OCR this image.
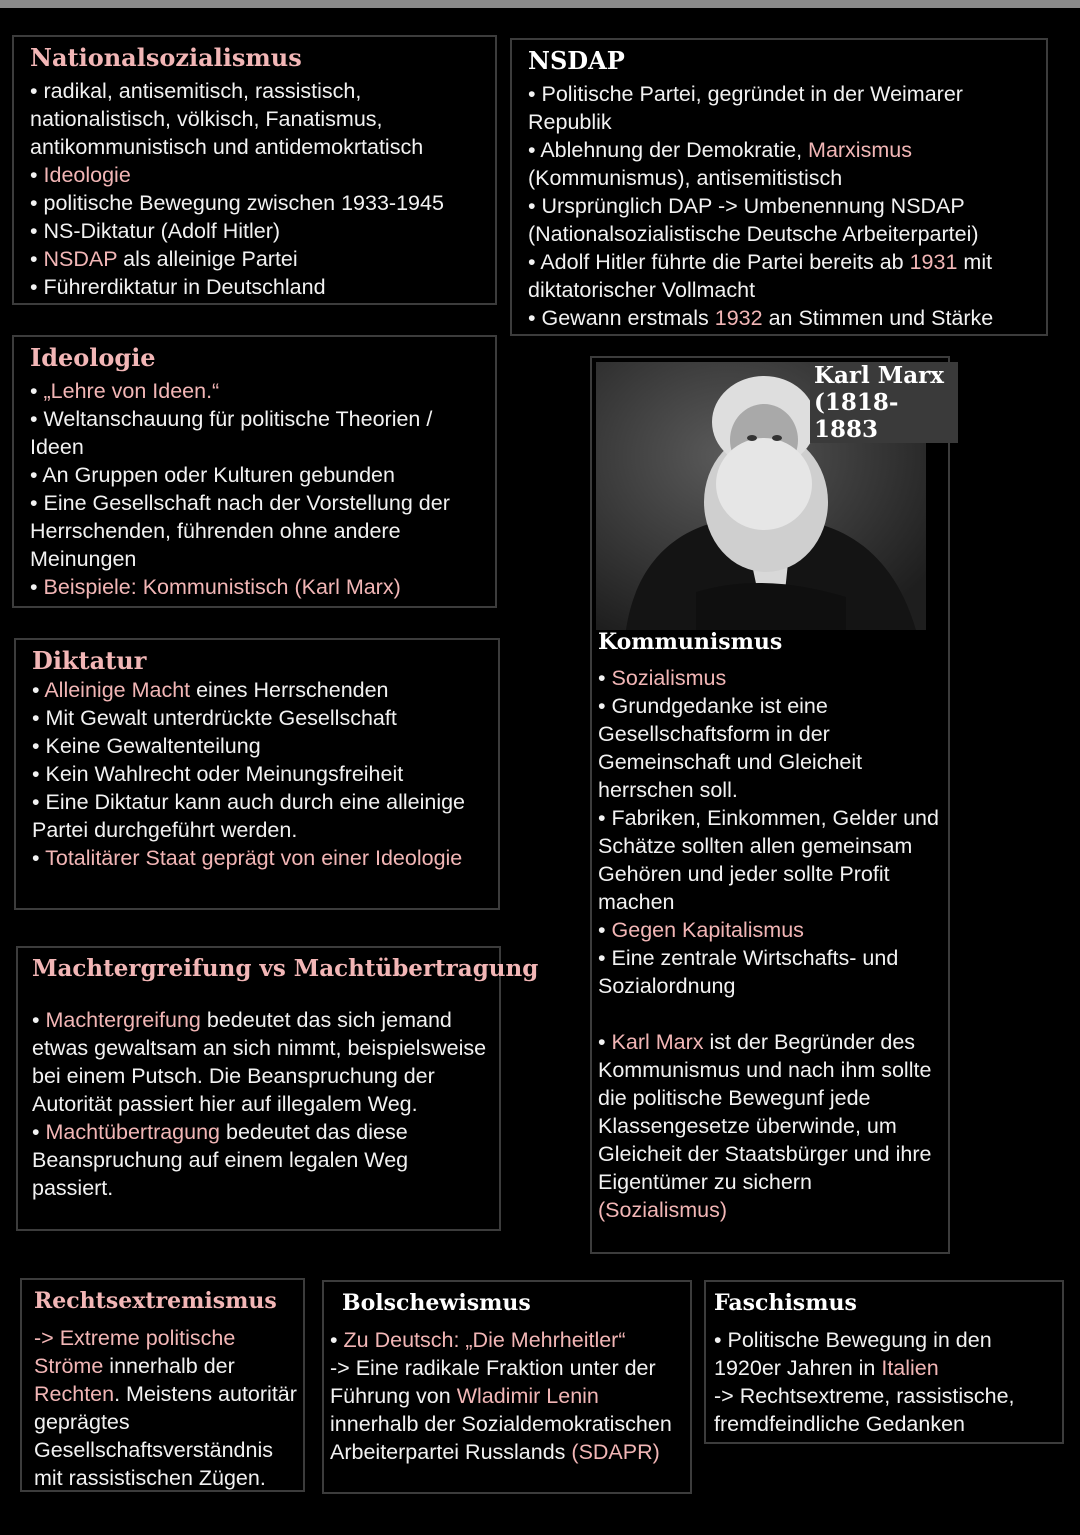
Nationalsozialismus
• radikal, antisemitisch, rassistisch, nationalistisch, völkisch, Fanatismus, antikommunistisch und antidemokrtatisch
• Ideologie
• politische Bewegung zwischen 1933-1945
• NS-Diktatur (Adolf Hitler)
• NSDAP als alleinige Partei
• Führerdiktatur in Deutschland
NSDAP
• Politische Partei, gegründet in der Weimarer Republik
• Ablehnung der Demokratie, Marxismus (Kommunismus), antisemitistisch
• Ursprünglich DAP -> Umbenennung NSDAP (Nationalsozialistische Deutsche Arbeiterpartei)
• Adolf Hitler führte die Partei bereits ab 1931 mit diktatorischer Vollmacht
• Gewann erstmals 1932 an Stimmen und Stärke
Ideologie
• „Lehre von Ideen.“
• Weltanschauung für politische Theorien / Ideen
• An Gruppen oder Kulturen gebunden
• Eine Gesellschaft nach der Vorstellung der Herrschenden, führenden ohne andere Meinungen
• Beispiele: Kommunistisch (Karl Marx)
Diktatur
• Alleinige Macht eines Herrschenden
• Mit Gewalt unterdrückte Gesellschaft
• Keine Gewaltenteilung
• Kein Wahlrecht oder Meinungsfreiheit
• Eine Diktatur kann auch durch eine alleinige Partei durchgeführt werden.
• Totalitärer Staat geprägt von einer Ideologie
Machtergreifung vs Machtübertragung
• Machtergreifung bedeutet das sich jemand etwas gewaltsam an sich nimmt, beispielsweise bei einem Putsch. Die Beanspruchung der Autorität passiert hier auf illegalem Weg.
• Machtübertragung bedeutet das diese Beanspruchung auf einem legalen Weg passiert.
Karl Marx (1818-1883
Kommunismus
• Sozialismus
• Grundgedanke ist eine Gesellschaftsform in der Gemeinschaft und Gleicheit herrschen soll.
• Fabriken, Einkommen, Gelder und Schätze sollten allen gemeinsam Gehören und jeder sollte Profit machen
• Gegen Kapitalismus
• Eine zentrale Wirtschafts- und Sozialordnung
• Karl Marx ist der Begründer des Kommunismus und nach ihm sollte die politische Bewegunf jede Klassengesetze überwinde, um Gleicheit der Staatsbürger und ihre Eigentümer zu sichern (Sozialismus)
Rechtsextremismus
-> Extreme politische Ströme innerhalb der Rechten. Meistens autoritär geprägtes Gesellschaftsverständnis mit rassistischen Zügen.
Bolschewismus
• Zu Deutsch: „Die Mehrheitler“
-> Eine radikale Fraktion unter der Führung von Wladimir Lenin innerhalb der Sozialdemokratischen Arbeiterpartei Russlands (SDAPR)
Faschismus
• Politische Bewegung in den 1920er Jahren in Italien
-> Rechtsextreme, rassistische, fremdfeindliche Gedanken
